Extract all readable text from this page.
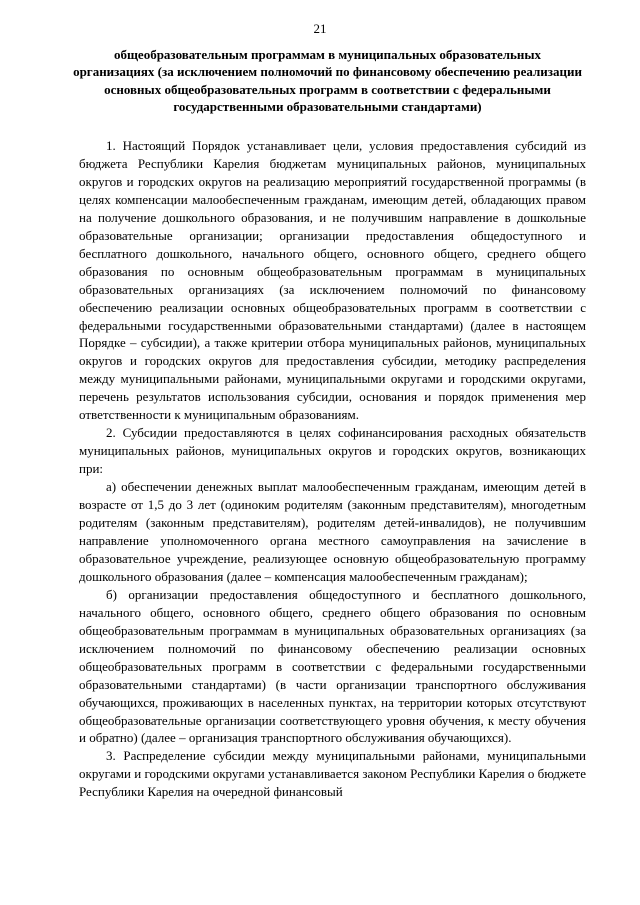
21
общеобразовательным программам в муниципальных образовательных организациях (за исключением полномочий по финансовому обеспечению реализации основных общеобразовательных программ в соответствии с федеральными государственными образовательными стандартами)

1. Настоящий Порядок устанавливает цели, условия предоставления субсидий из бюджета Республики Карелия бюджетам муниципальных районов, муниципальных округов и городских округов на реализацию мероприятий государственной программы (в целях компенсации малообеспеченным гражданам, имеющим детей, обладающих правом на получение дошкольного образования, и не получившим направление в дошкольные образовательные организации; организации предоставления общедоступного и бесплатного дошкольного, начального общего, основного общего, среднего общего образования по основным общеобразовательным программам в муниципальных образовательных организациях (за исключением полномочий по финансовому обеспечению реализации основных общеобразовательных программ в соответствии с федеральными государственными образовательными стандартами) (далее в настоящем Порядке – субсидии), а также критерии отбора муниципальных районов, муниципальных округов и городских округов для предоставления субсидии, методику распределения между муниципальными районами, муниципальными округами и городскими округами, перечень результатов использования субсидии, основания и порядок применения мер ответственности к муниципальным образованиям.

2. Субсидии предоставляются в целях софинансирования расходных обязательств муниципальных районов, муниципальных округов и городских округов, возникающих при:

а) обеспечении денежных выплат малообеспеченным гражданам, имеющим детей в возрасте от 1,5 до 3 лет (одиноким родителям (законным представителям), многодетным родителям (законным представителям), родителям детей-инвалидов), не получившим направление уполномоченного органа местного самоуправления на зачисление в образовательное учреждение, реализующее основную общеобразовательную программу дошкольного образования (далее – компенсация малообеспеченным гражданам);

б) организации предоставления общедоступного и бесплатного дошкольного, начального общего, основного общего, среднего общего образования по основным общеобразовательным программам в муниципальных образовательных организациях (за исключением полномочий по финансовому обеспечению реализации основных общеобразовательных программ в соответствии с федеральными государственными образовательными стандартами) (в части организации транспортного обслуживания обучающихся, проживающих в населенных пунктах, на территории которых отсутствуют общеобразовательные организации соответствующего уровня обучения, к месту обучения и обратно) (далее – организация транспортного обслуживания обучающихся).

3. Распределение субсидии между муниципальными районами, муниципальными округами и городскими округами устанавливается законом Республики Карелия о бюджете Республики Карелия на очередной финансовый
